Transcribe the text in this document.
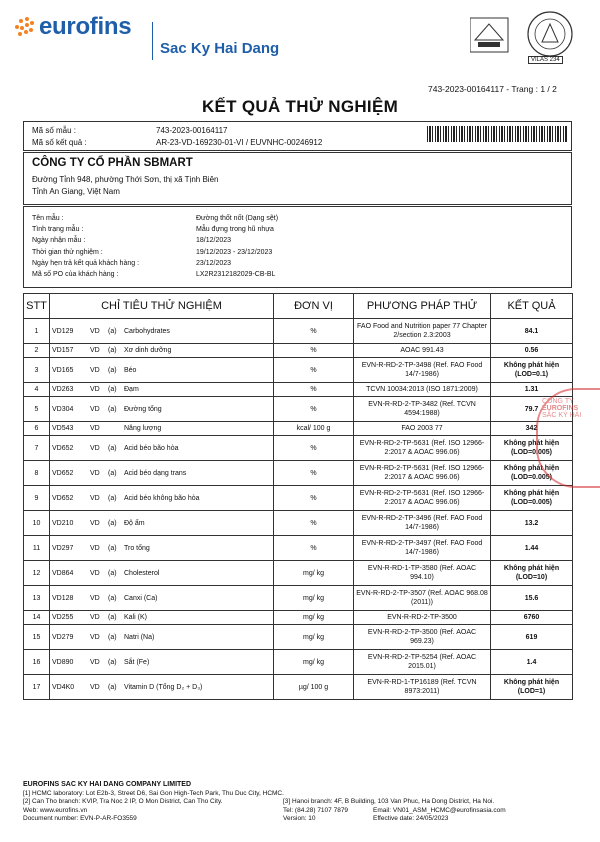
eurofins
Sac Ky Hai Dang
VILAS 234
743-2023-00164117 - Trang : 1 / 2
KẾT QUẢ THỬ NGHIỆM
Mã số mẫu :	743-2023-00164117
Mã số kết quả :	AR-23-VD-169230-01-VI / EUVNHC-00246912
CÔNG TY CỔ PHẦN SBMART
Đường Tỉnh 948, phường Thới Sơn, thị xã Tịnh Biên
Tỉnh An Giang, Việt Nam
Tên mẫu :	Đường thốt nốt (Dạng sệt)
Tình trạng mẫu :	Mẫu đựng trong hũ nhựa
Ngày nhận mẫu :	18/12/2023
Thời gian thử nghiệm :	19/12/2023 - 23/12/2023
Ngày hẹn trả kết quả khách hàng :	23/12/2023
Mã số PO của khách hàng :	LX2R2312182029-CB-BL
STT	CHỈ TIÊU THỬ NGHIỆM	ĐƠN VỊ	PHƯƠNG PHÁP THỬ	KẾT QUẢ
1	VD129 VD (a) Carbohydrates	%	FAO Food and Nutrition paper 77 Chapter 2/section 2.3:2003	84.1
2	VD157 VD (a) Xơ dinh dưỡng	%	AOAC 991.43	0.56
3	VD165 VD (a) Béo	%	EVN-R-RD-2-TP-3498 (Ref. FAO Food 14/7-1986)	Không phát hiện (LOD=0.1)
4	VD263 VD (a) Đạm	%	TCVN 10034:2013 (ISO 1871:2009)	1.31
5	VD304 VD (a) Đường tổng	%	EVN-R-RD-2-TP-3482 (Ref. TCVN 4594:1988)	79.7
6	VD543 VD Năng lượng	kcal/ 100 g	FAO 2003 77	342
7	VD652 VD (a) Acid béo bão hòa	%	EVN-R-RD-2-TP-5631 (Ref. ISO 12966-2:2017 & AOAC 996.06)	Không phát hiện (LOD=0.005)
8	VD652 VD (a) Acid béo dạng trans	%	EVN-R-RD-2-TP-5631 (Ref. ISO 12966-2:2017 & AOAC 996.06)	Không phát hiện (LOD=0.005)
9	VD652 VD (a) Acid béo không bão hòa	%	EVN-R-RD-2-TP-5631 (Ref. ISO 12966-2:2017 & AOAC 996.06)	Không phát hiện (LOD=0.005)
10	VD210 VD (a) Độ ẩm	%	EVN-R-RD-2-TP-3496 (Ref. FAO Food 14/7-1986)	13.2
11	VD297 VD (a) Tro tổng	%	EVN-R-RD-2-TP-3497 (Ref. FAO Food 14/7-1986)	1.44
12	VD864 VD (a) Cholesterol	mg/ kg	EVN-R-RD-1-TP-3580 (Ref. AOAC 994.10)	Không phát hiện (LOD=10)
13	VD128 VD (a) Canxi (Ca)	mg/ kg	EVN-R-RD-2-TP-3507 (Ref. AOAC 968.08 (2011))	15.6
14	VD255 VD (a) Kali (K)	mg/ kg	EVN-R-RD-2-TP-3500	6760
15	VD279 VD (a) Natri (Na)	mg/ kg	EVN-R-RD-2-TP-3500 (Ref. AOAC 969.23)	619
16	VD890 VD (a) Sắt (Fe)	mg/ kg	EVN-R-RD-2-TP-5254 (Ref. AOAC 2015.01)	1.4
17	VD4K0 VD (a) Vitamin D (Tổng D₂ + D₃)	µg/ 100 g	EVN-R-RD-1-TP16189 (Ref. TCVN 8973:2011)	Không phát hiện (LOD=1)
CÔNG TY
EUROFINS
SẮC KÝ HẢI
EUROFINS SAC KY HAI DANG COMPANY LIMITED
[1] HCMC laboratory: Lot E2b-3, Street D6, Sai Gon High-Tech Park, Thu Duc City, HCMC.
[2] Can Tho branch: KVIP, Tra Noc 2 IP, O Mon District, Can Tho City.	[3] Hanoi branch: 4F, B Building, 103 Van Phuc, Ha Dong District, Ha Noi.
Web: www.eurofins.vn	Tel: (84.28) 7107 7879	Email: VN01_ASM_HCMC@eurofinsasia.com
Document number: EVN-P-AR-FO3559	Version: 10	Effective date: 24/05/2023
